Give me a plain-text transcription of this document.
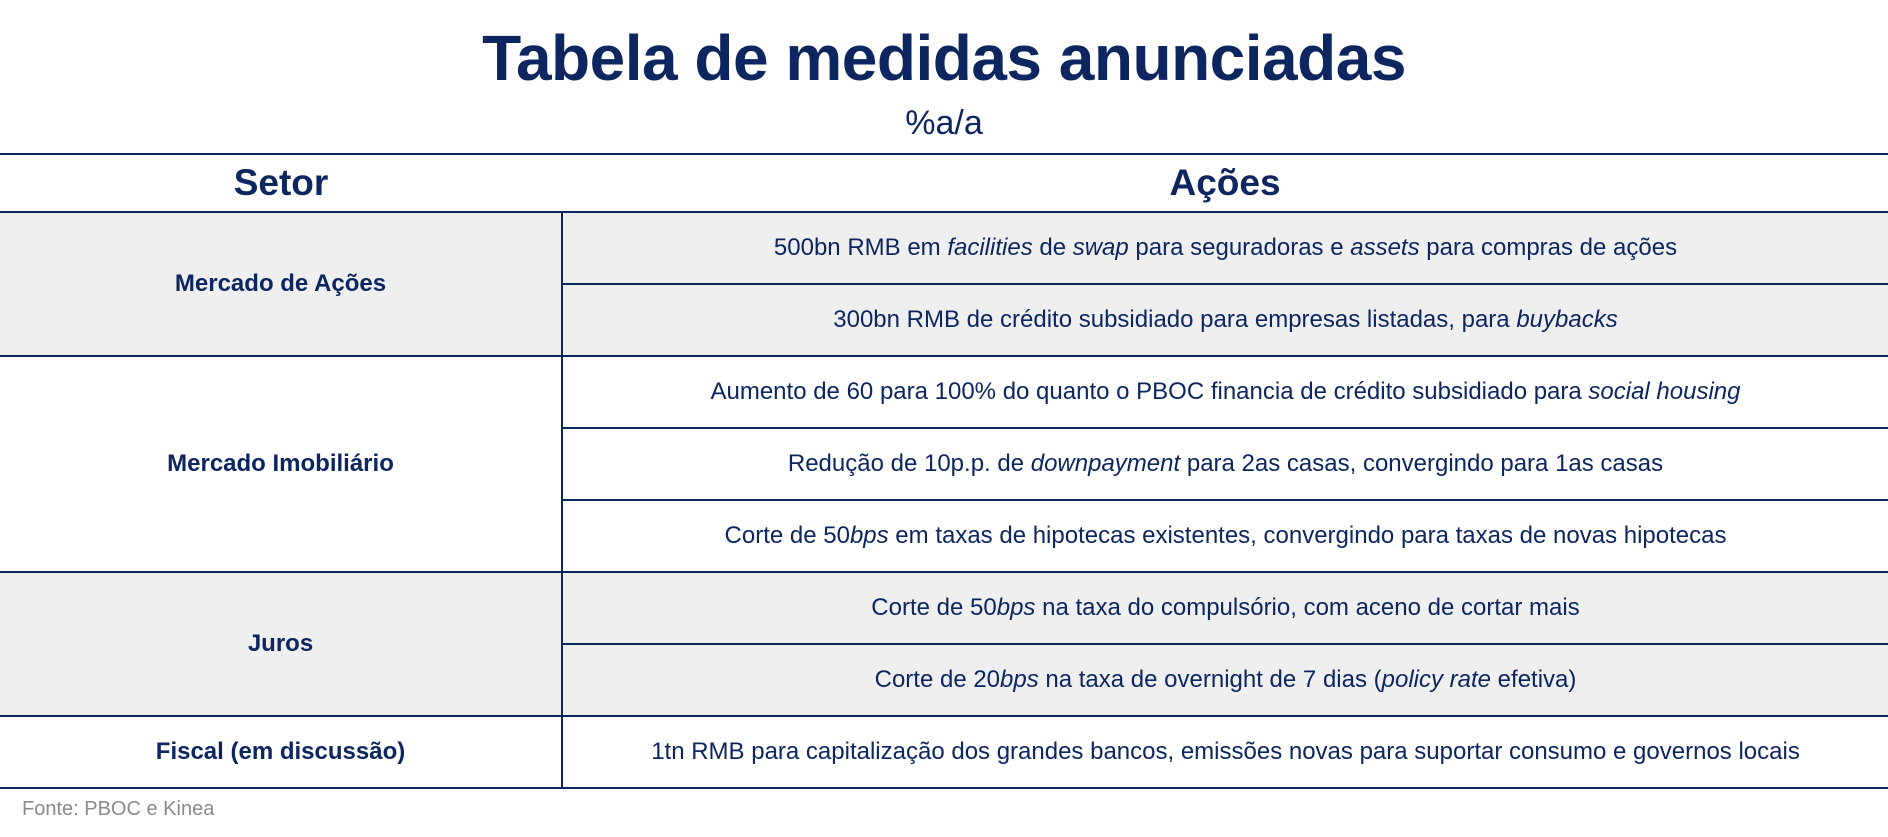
Tabela de medidas anunciadas
%a/a
Setor	Ações
Mercado de Ações	500bn RMB em facilities de swap para seguradoras e assets para compras de ações
	300bn RMB de crédito subsidiado para empresas listadas, para buybacks
Mercado Imobiliário	Aumento de 60 para 100% do quanto o PBOC financia de crédito subsidiado para social housing
	Redução de 10p.p. de downpayment para 2as casas, convergindo para 1as casas
	Corte de 50bps em taxas de hipotecas existentes, convergindo para taxas de novas hipotecas
Juros	Corte de 50bps na taxa do compulsório, com aceno de cortar mais
	Corte de 20bps na taxa de overnight de 7 dias (policy rate efetiva)
Fiscal (em discussão)	1tn RMB para capitalização dos grandes bancos, emissões novas para suportar consumo e governos locais
Fonte: PBOC e Kinea
